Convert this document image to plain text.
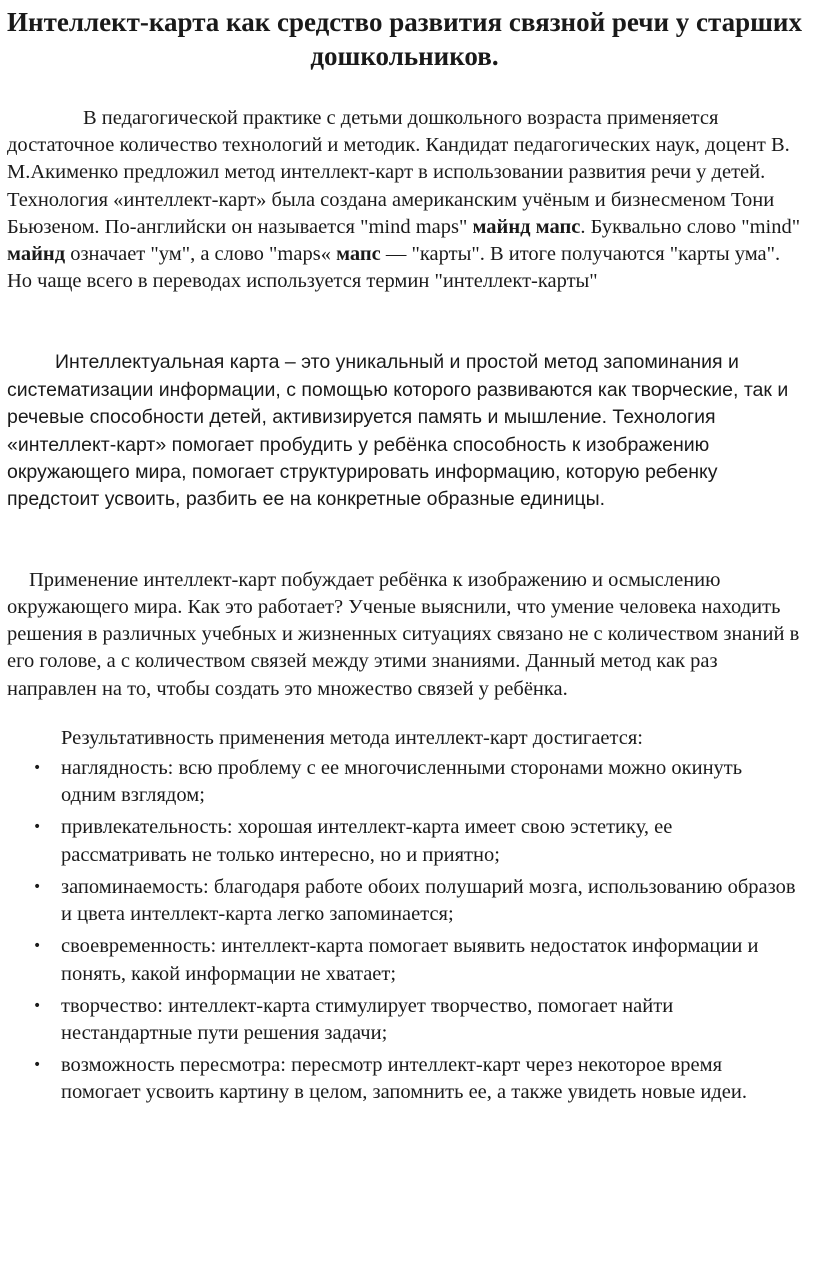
Интеллект-карта как средство развития связной речи у старших дошкольников.

В педагогической практике с детьми дошкольного возраста применяется достаточное количество технологий и методик. Кандидат педагогических наук, доцент В. М.Акименко предложил метод интеллект-карт в использовании развития речи у детей.
Технология «интеллект-карт» была создана американским учёным и бизнесменом Тони Бьюзеном. По-английски он называется "mind maps" майнд мапс. Буквально слово "mind" майнд означает "ум", а слово "maps« мапс — "карты". В итоге получаются "карты ума". Но чаще всего в переводах используется термин "интеллект-карты"

Интеллектуальная карта – это уникальный и простой метод запоминания и систематизации информации, с помощью которого развиваются как творческие, так и речевые способности детей, активизируется память и мышление. Технология «интеллект-карт» помогает пробудить у ребёнка способность к изображению окружающего мира, помогает структурировать информацию, которую ребенку предстоит усвоить, разбить ее на конкретные образные единицы.

Применение интеллект-карт побуждает ребёнка к изображению и осмыслению окружающего мира. Как это работает? Ученые выяснили, что умение человека находить решения в различных учебных и жизненных ситуациях связано не с количеством знаний в его голове, а с количеством связей между этими знаниями. Данный метод как раз направлен на то, чтобы создать это множество связей у ребёнка.

Результативность применения метода интеллект-карт достигается:

• наглядность: всю проблему с ее многочисленными сторонами можно окинуть одним взглядом;
• привлекательность: хорошая интеллект-карта имеет свою эстетику, ее рассматривать не только интересно, но и приятно;
• запоминаемость: благодаря работе обоих полушарий мозга, использованию образов и цвета интеллект-карта легко запоминается;
• своевременность: интеллект-карта помогает выявить недостаток информации и понять, какой информации не хватает;
• творчество: интеллект-карта стимулирует творчество, помогает найти нестандартные пути решения задачи;
• возможность пересмотра: пересмотр интеллект-карт через некоторое время помогает усвоить картину в целом, запомнить ее, а также увидеть новые идеи.
